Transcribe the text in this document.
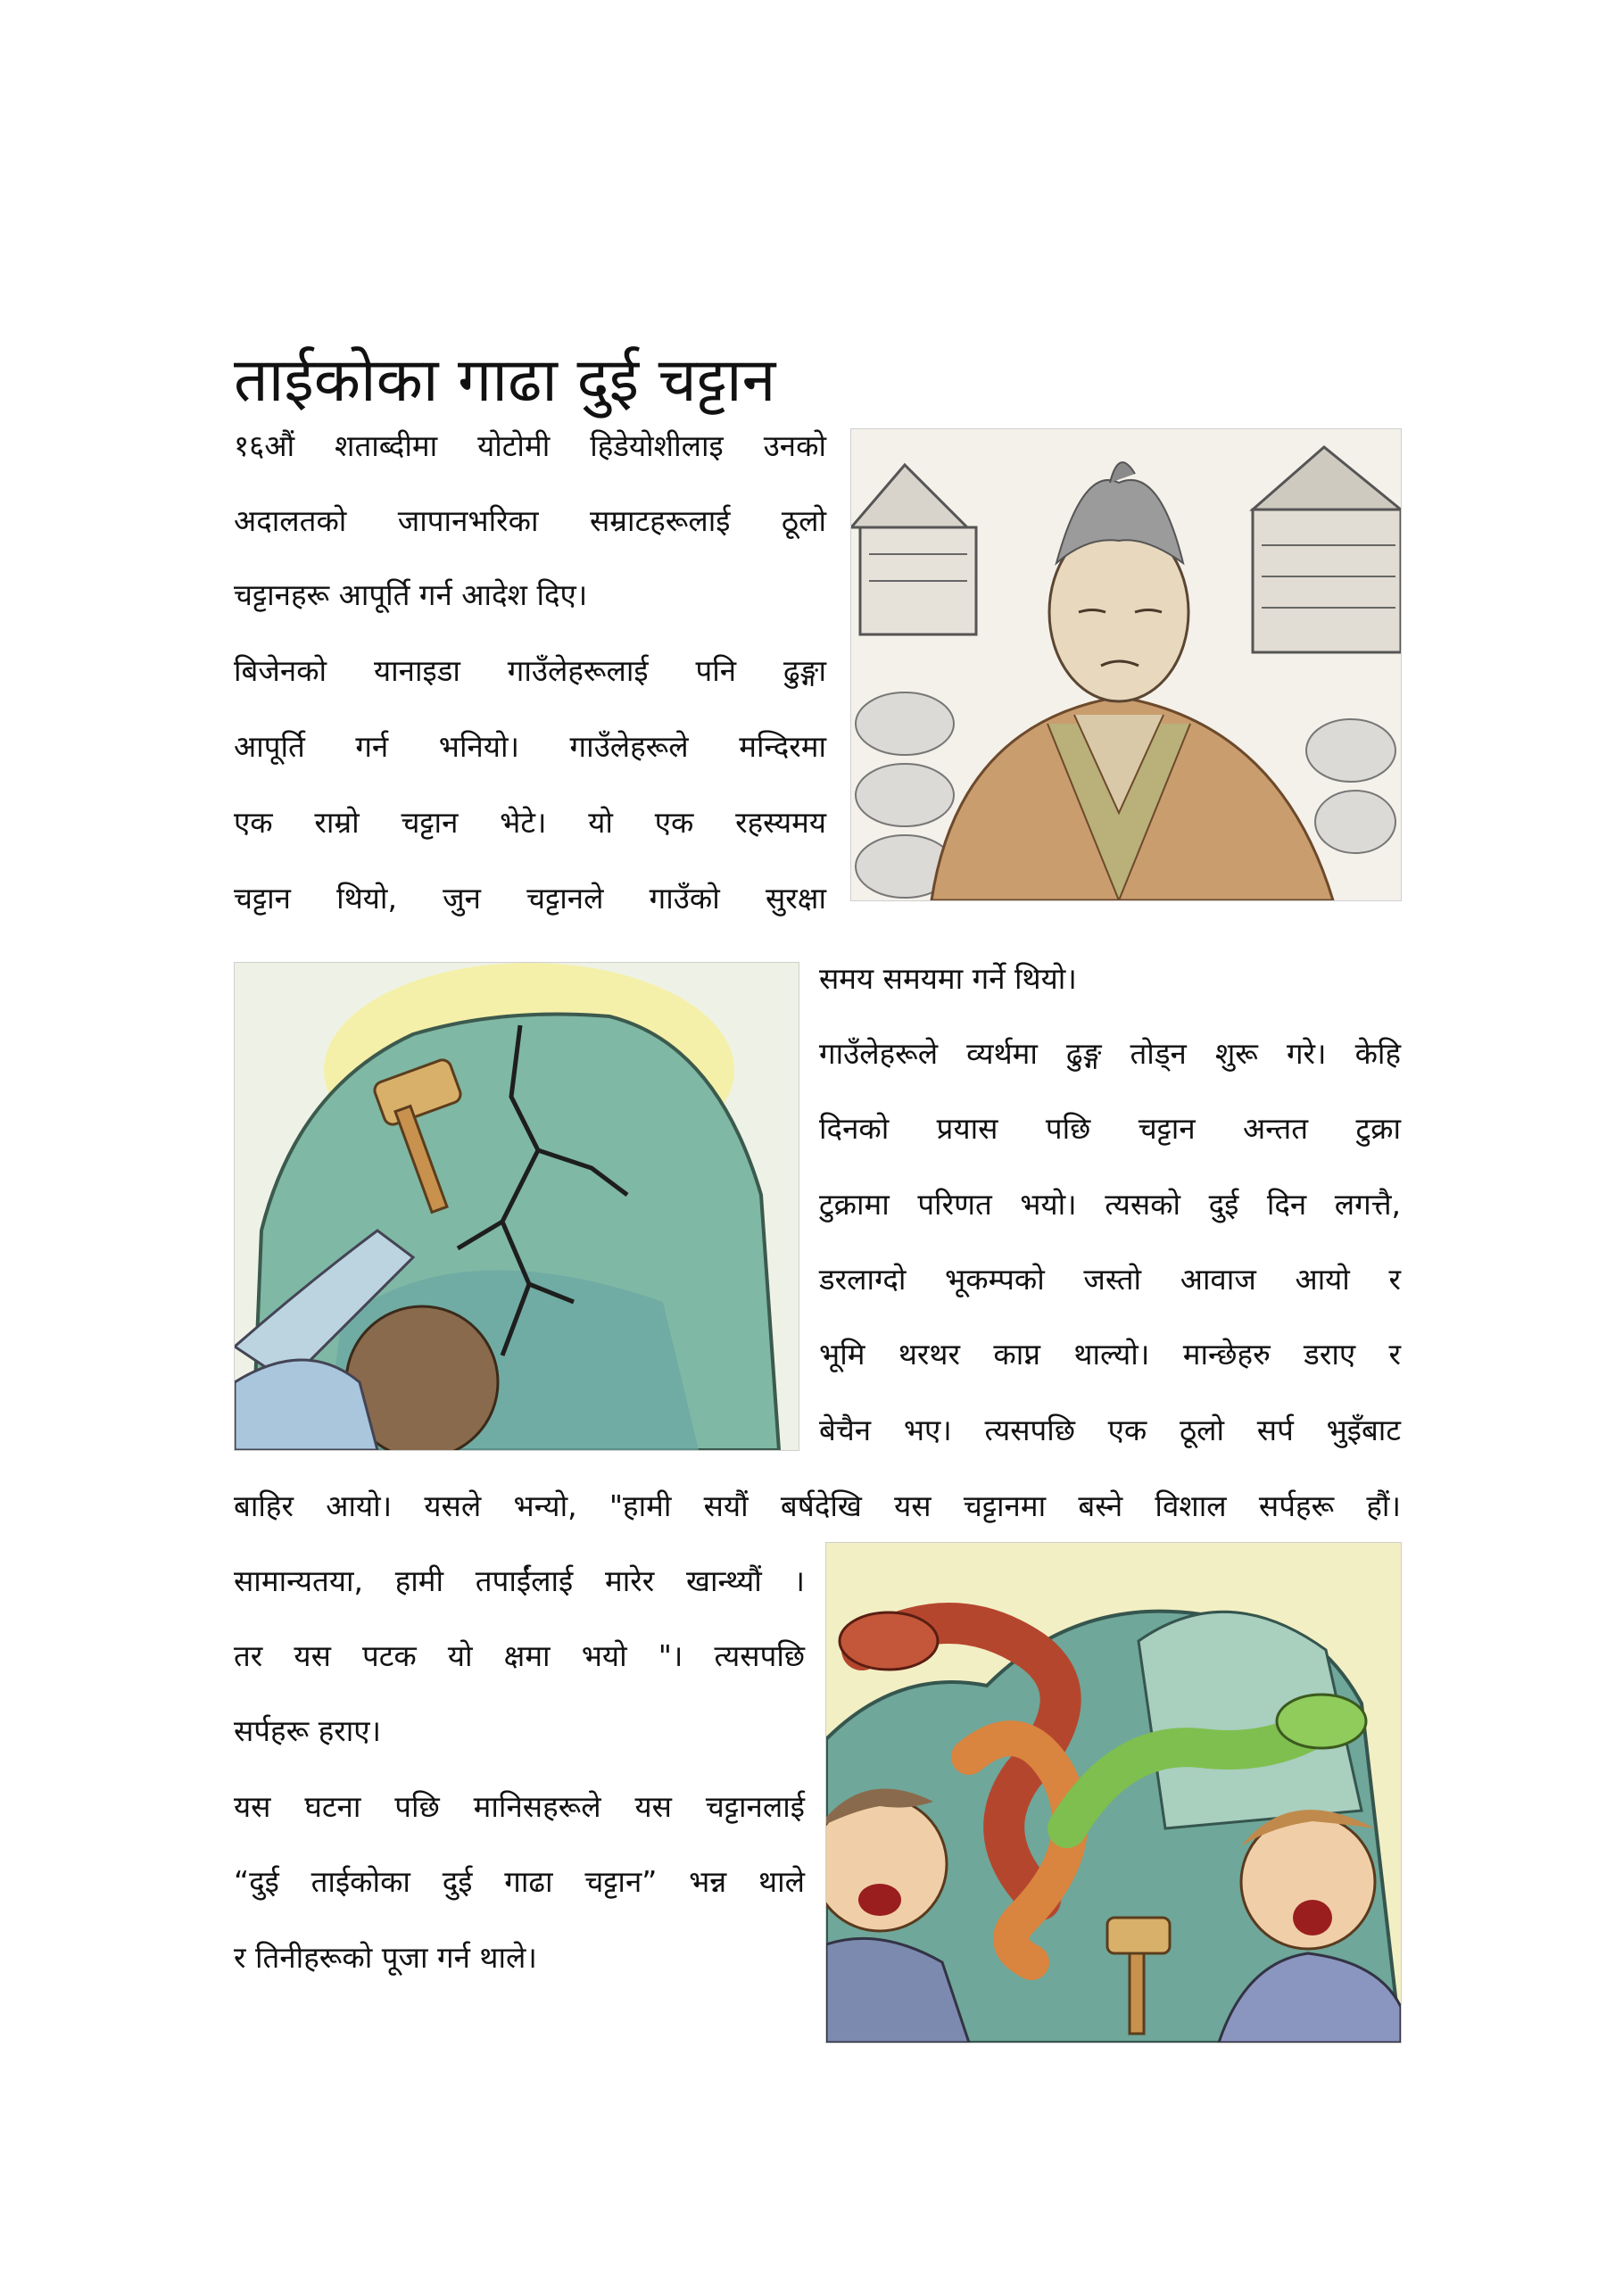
ताईकोका गाढा दुई चट्टान
१६औं शताब्दीमा योटोमी हिडेयोशीलाइ उनको
अदालतको जापानभरिका सम्राटहरूलाई ठूलो
चट्टानहरू आपूर्ति गर्न आदेश दिए।
बिजेनको यानाइडा गाउँलेहरूलाई पनि ढुङ्गा
आपूर्ति गर्न भनियो। गाउँलेहरूले मन्दिरमा
एक राम्रो चट्टान भेटे। यो एक रहस्यमय
चट्टान थियो, जुन चट्टानले गाउँको सुरक्षा
समय समयमा गर्ने थियो।
गाउँलेहरूले व्यर्थमा ढुङ्ग तोड्न शुरू गरे। केहि
दिनको प्रयास पछि चट्टान अन्तत टुक्रा
टुक्रामा परिणत भयो। त्यसको दुई दिन लगत्तै,
डरलाग्दो भूकम्पको जस्तो आवाज आयो र
भूमि थरथर काप्न थाल्यो। मान्छेहरु डराए र
बेचैन भए। त्यसपछि एक ठूलो सर्प भुइँबाट
बाहिर आयो। यसले भन्यो, "हामी सयौं बर्षदेखि यस चट्टानमा बस्ने विशाल सर्पहरू हौं।
सामान्यतया, हामी तपाईंलाई मारेर खान्थ्यौं ।
तर यस पटक यो क्षमा भयो "। त्यसपछि
सर्पहरू हराए।
यस घटना पछि मानिसहरूले यस चट्टानलाई
“दुई ताईकोका दुई गाढा चट्टान” भन्न थाले
र तिनीहरूको पूजा गर्न थाले।
